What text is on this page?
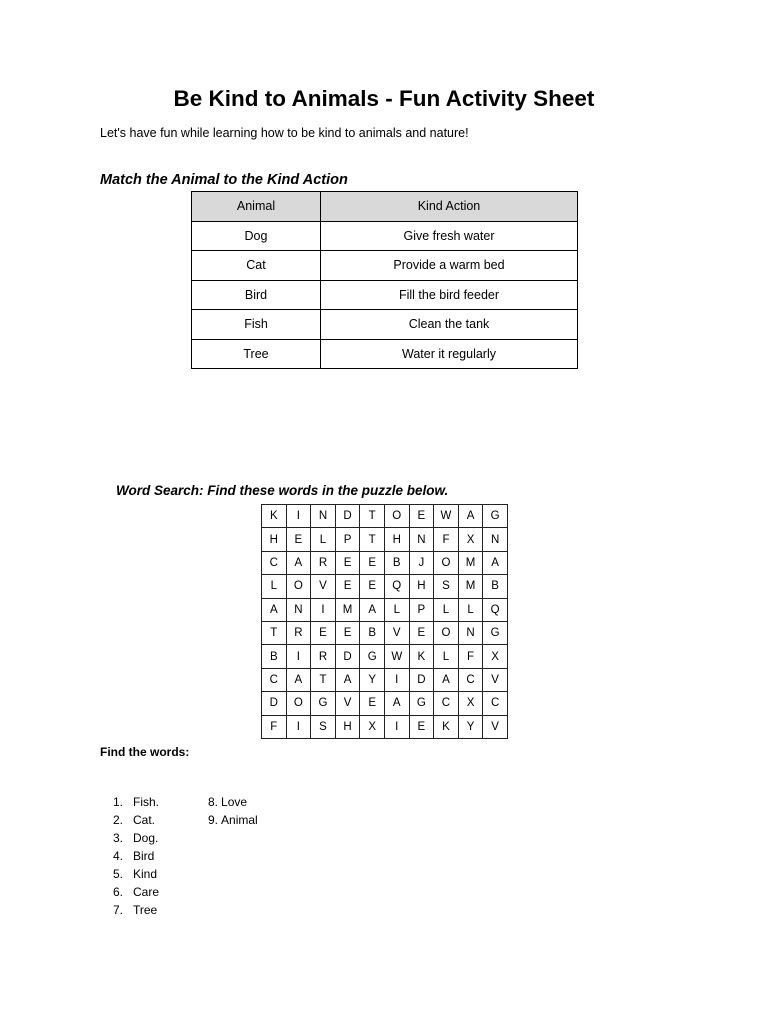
Be Kind to Animals - Fun Activity Sheet

Let's have fun while learning how to be kind to animals and nature!

Match the Animal to the Kind Action
Animal	Kind Action
Dog	Give fresh water
Cat	Provide a warm bed
Bird	Fill the bird feeder
Fish	Clean the tank
Tree	Water it regularly
Word Search: Find these words in the puzzle below.
K	I	N	D	T	O	E	W	A	G
H	E	L	P	T	H	N	F	X	N
C	A	R	E	E	B	J	O	M	A
L	O	V	E	E	Q	H	S	M	B
A	N	I	M	A	L	P	L	L	Q
T	R	E	E	B	V	E	O	N	G
B	I	R	D	G	W	K	L	F	X
C	A	T	A	Y	I	D	A	C	V
D	O	G	V	E	A	G	C	X	C
F	I	S	H	X	I	E	K	Y	V
Find the words:
1. Fish.
2. Cat.
3. Dog.
4. Bird
5. Kind
6. Care
7. Tree
8. Love
9. Animal
